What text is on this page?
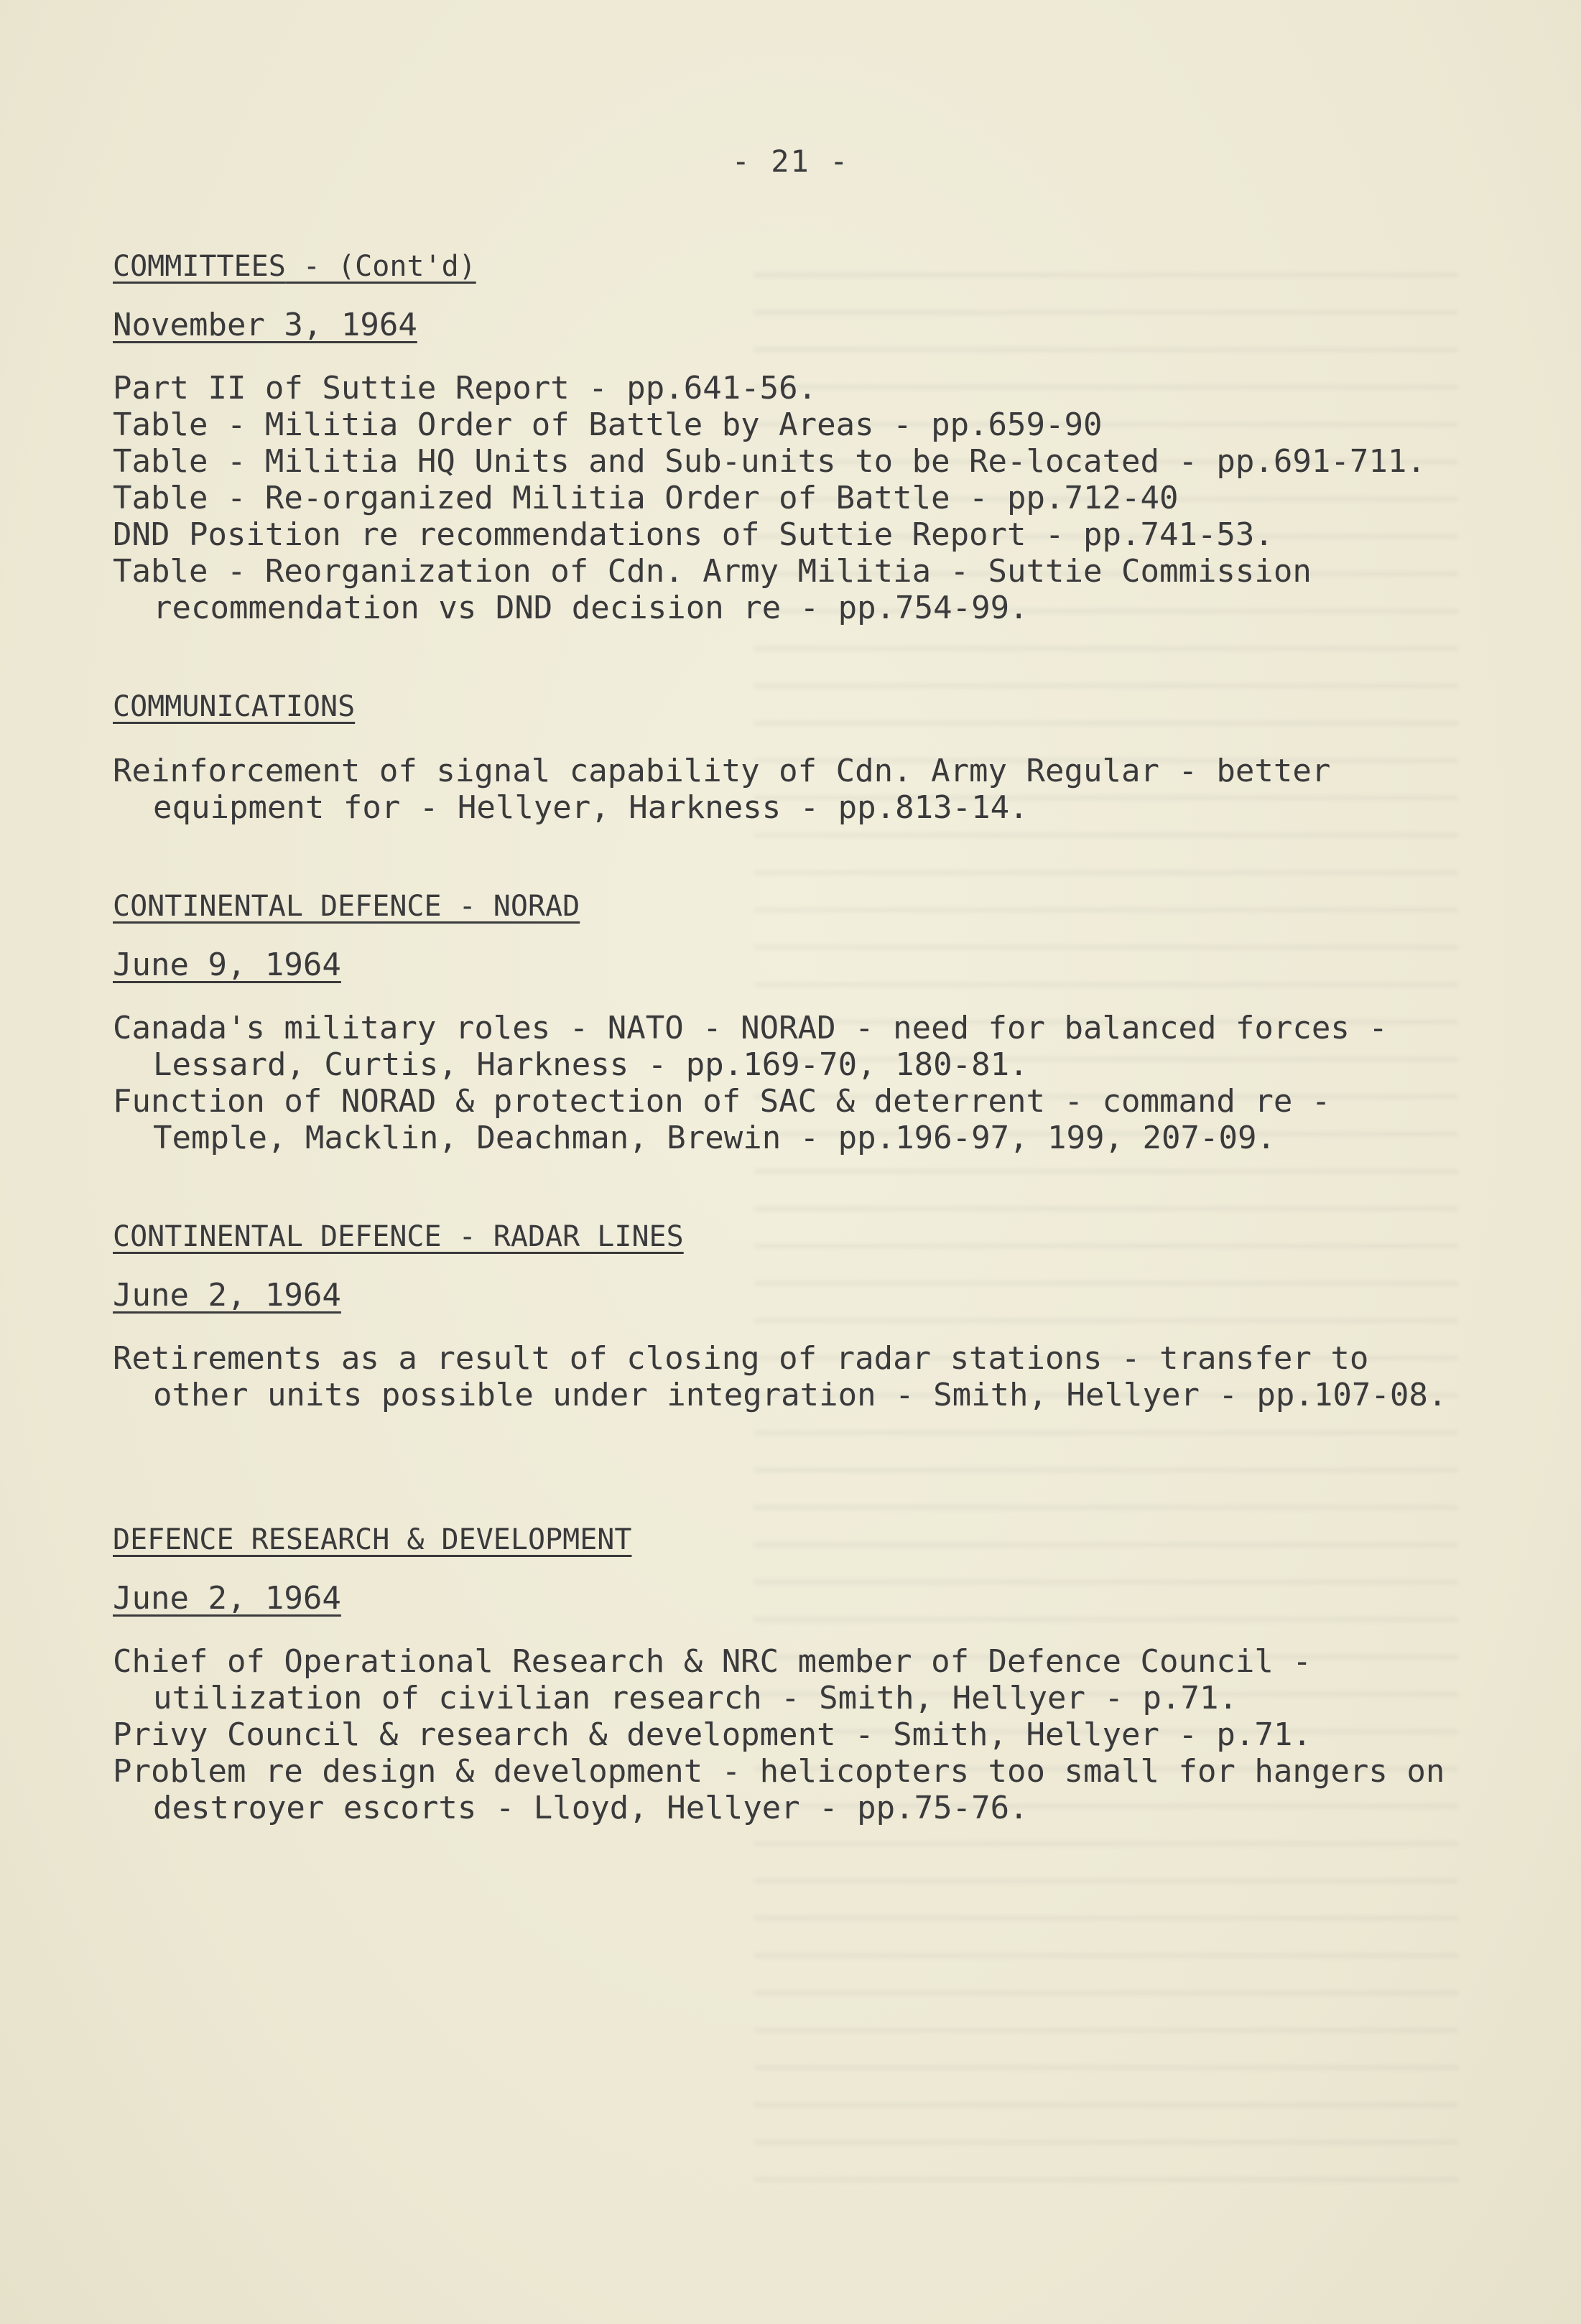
- 21 -
COMMITTEES - (Cont'd)
November 3, 1964

Part II of Suttie Report - pp.641-56.

Table - Militia Order of Battle by Areas - pp.659-90

Table - Militia HQ Units and Sub-units to be Re-located - pp.691-711.

Table - Re-organized Militia Order of Battle - pp.712-40

DND Position re recommendations of Suttie Report - pp.741-53.

Table - Reorganization of Cdn. Army Militia - Suttie Commission recommendation vs DND decision re - pp.754-99.

COMMUNICATIONS

Reinforcement of signal capability of Cdn. Army Regular - better equipment for - Hellyer, Harkness - pp.813-14.

CONTINENTAL DEFENCE - NORAD
June 9, 1964

Canada's military roles - NATO - NORAD - need for balanced forces - Lessard, Curtis, Harkness - pp.169-70, 180-81.

Function of NORAD & protection of SAC & deterrent - command re - Temple, Macklin, Deachman, Brewin - pp.196-97, 199, 207-09.

CONTINENTAL DEFENCE - RADAR LINES
June 2, 1964

Retirements as a result of closing of radar stations - transfer to other units possible under integration - Smith, Hellyer - pp.107-08.

DEFENCE RESEARCH & DEVELOPMENT
June 2, 1964

Chief of Operational Research & NRC member of Defence Council - utilization of civilian research - Smith, Hellyer - p.71.

Privy Council & research & development - Smith, Hellyer - p.71.

Problem re design & development - helicopters too small for hangers on destroyer escorts - Lloyd, Hellyer - pp.75-76.
